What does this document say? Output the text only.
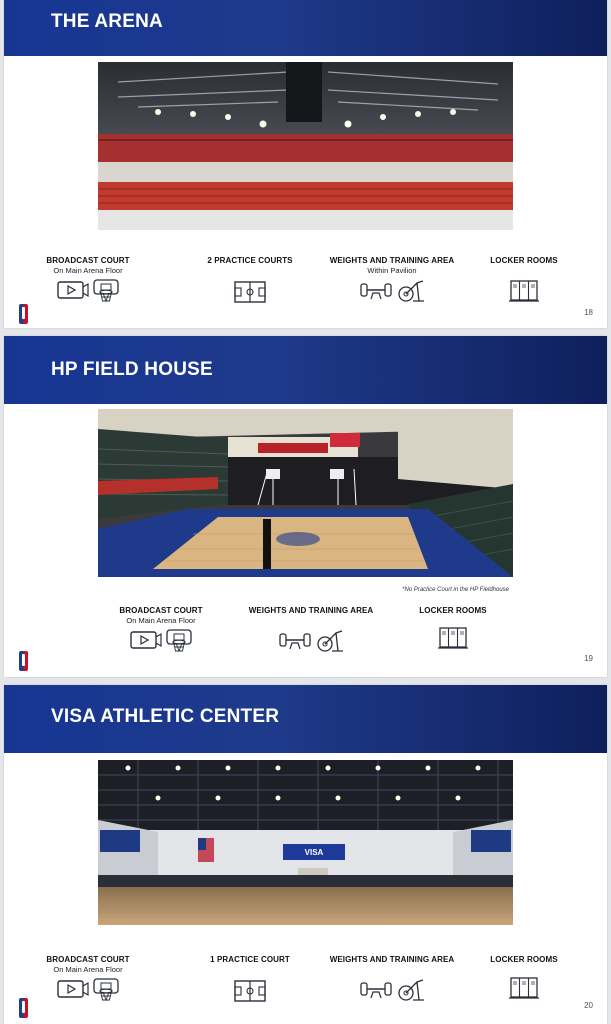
THE ARENA
BROADCAST COURT
On Main Arena Floor
2 PRACTICE COURTS	WEIGHTS AND TRAINING AREA
Within Pavilion
LOCKER ROOMS
18
HP FIELD HOUSE
*No Practice Court in the HP Fieldhouse
BROADCAST COURT
On Main Arena Floor
WEIGHTS AND TRAINING AREA	LOCKER ROOMS
19
VISA ATHLETIC CENTER
VISA
BROADCAST COURT
On Main Arena Floor
1 PRACTICE COURT	WEIGHTS AND TRAINING AREA	LOCKER ROOMS
20
